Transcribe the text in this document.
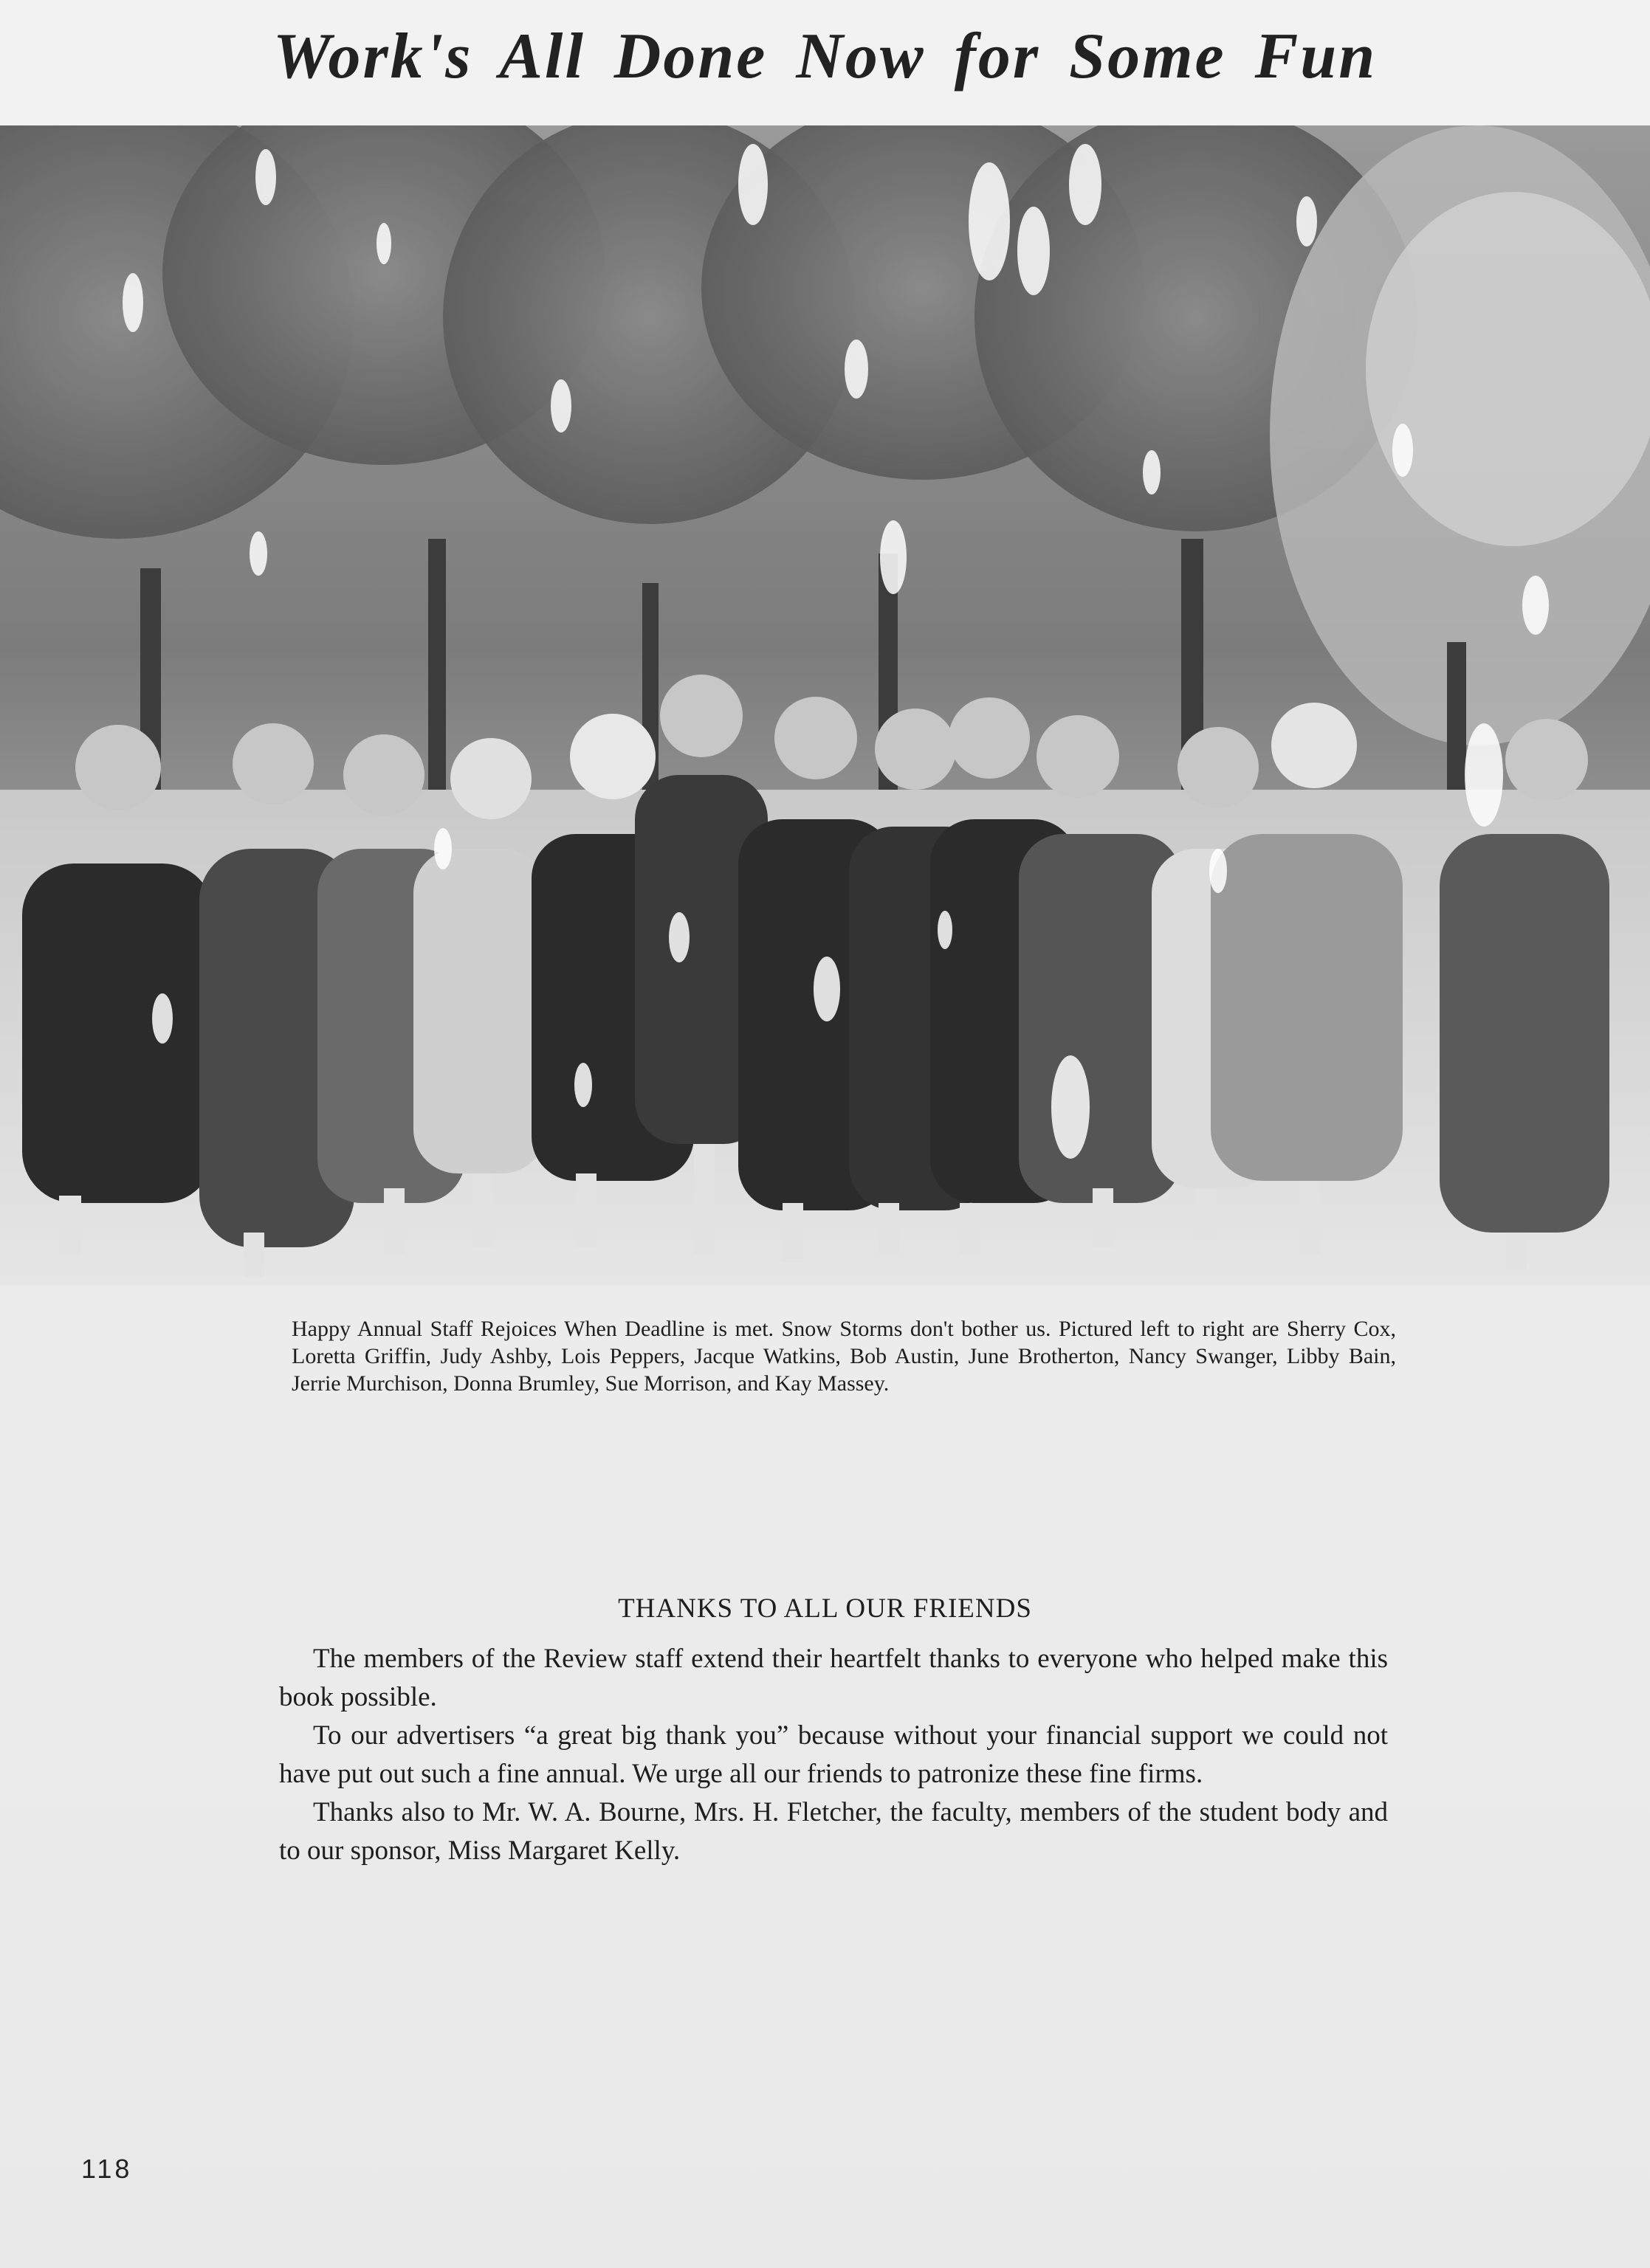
Work's All Done Now for Some Fun
Happy Annual Staff Rejoices When Deadline is met. Snow Storms don't bother us. Pictured left to right are Sherry Cox, Loretta Griffin, Judy Ashby, Lois Peppers, Jacque Watkins, Bob Austin, June Brotherton, Nancy Swanger, Libby Bain, Jerrie Murchison, Donna Brumley, Sue Morrison, and Kay Massey.
THANKS TO ALL OUR FRIENDS

The members of the Review staff extend their heartfelt thanks to everyone who helped make this book possible.

To our advertisers “a great big thank you” because without your financial support we could not have put out such a fine annual. We urge all our friends to patronize these fine firms.

Thanks also to Mr. W. A. Bourne, Mrs. H. Fletcher, the faculty, members of the student body and to our sponsor, Miss Margaret Kelly.

118
